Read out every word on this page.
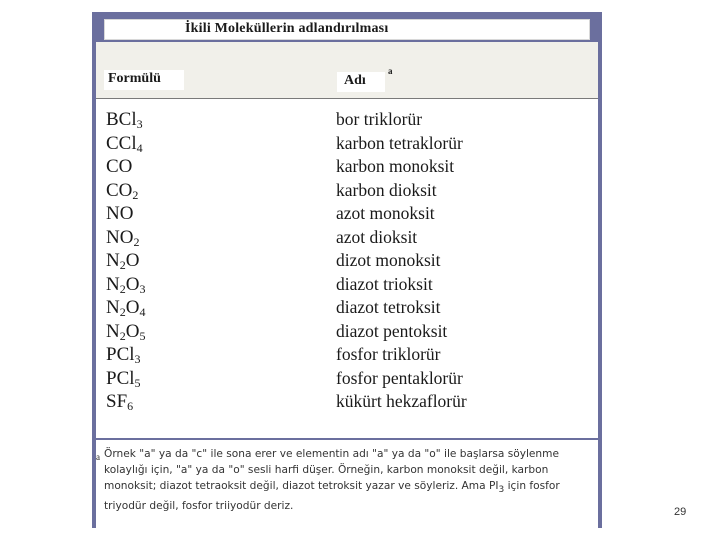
İkili Moleküllerin adlandırılması
Formülü	Adı
a
BCl$_3$
CCl$_4$
CO
$CO_2$
NO
$NO_2$
$N_2O$
$N_2O_3$
$N_2O_4$
$N_2O_5$
PCl$_3$
PCl$_5$
$SF_6$
bor triklorür
karbon tetraklorür
karbon monoksit
karbon dioksit
azot monoksit
azot dioksit
dizot monoksit
diazot trioksit
diazot tetroksit
diazot pentoksit
fosfor triklorür
fosfor pentaklorür
kükürt hekzaflorür
a Örnek "a" ya da "c" ile sona erer ve elementin adı "a" ya da "o" ile başlarsa söylenme kolaylığı için, "a" ya da "o" sesli harfi düşer. Örneğin, karbon monoksit değil, karbon monoksit; diazot tetraoksit değil, diazot tetroksit yazar ve söyleriz. Ama $PI_3$ için fosfor triyodür değil, fosfor triiyodür deriz.	29
